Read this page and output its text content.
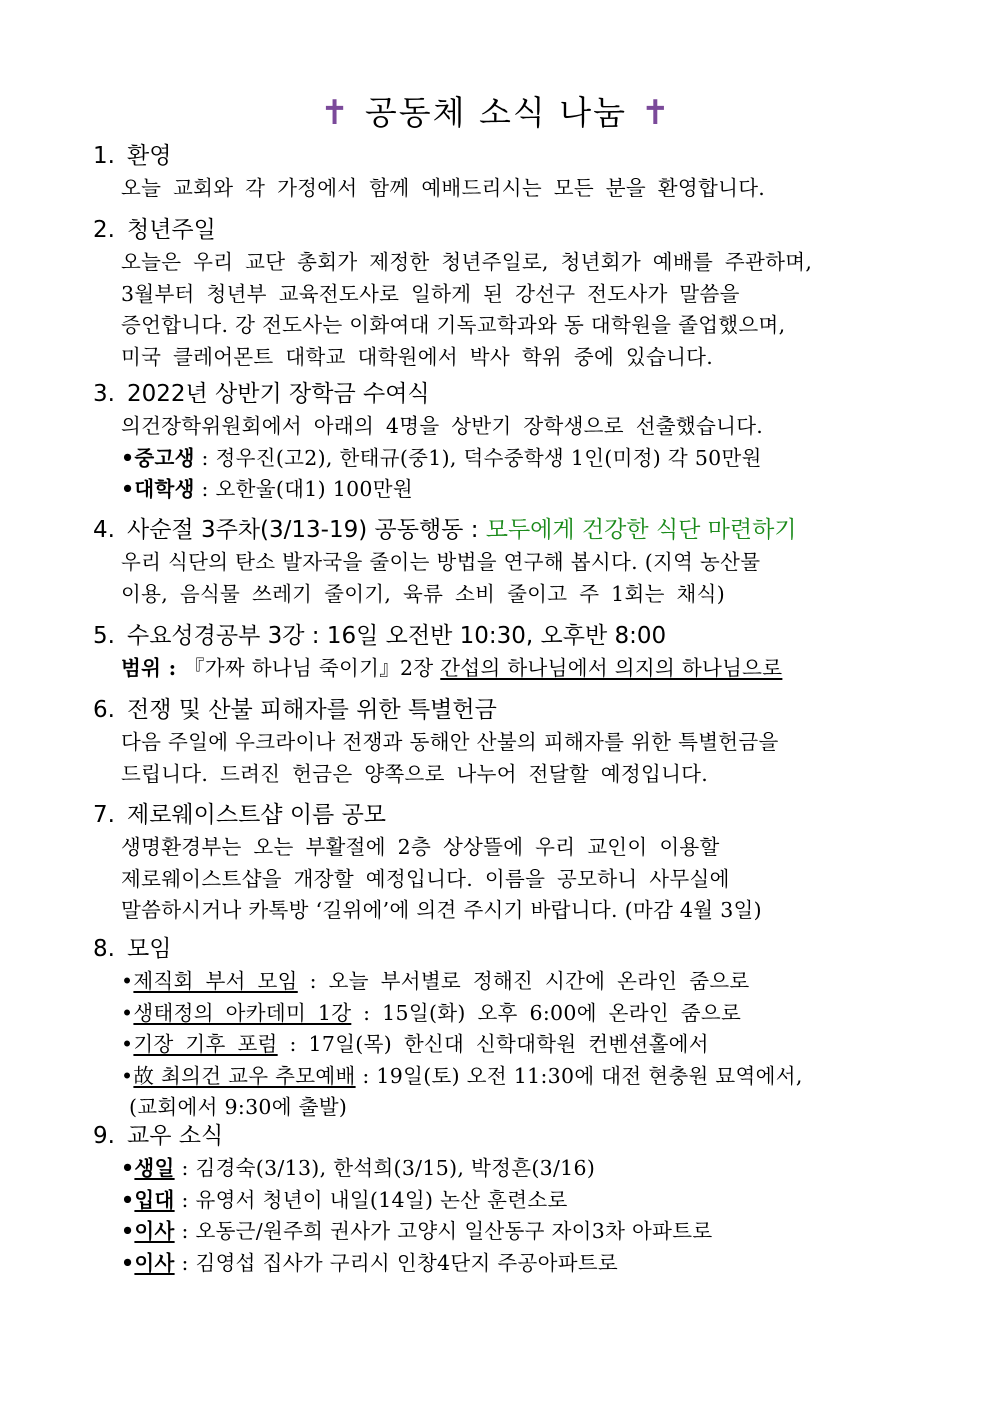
✝ 공동체 소식 나눔 ✝
1. 환영

오늘 교회와 각 가정에서 함께 예배드리시는 모든 분을 환영합니다.

2. 청년주일

오늘은 우리 교단 총회가 제정한 청년주일로, 청년회가 예배를 주관하며,

3월부터 청년부 교육전도사로 일하게 된 강선구 전도사가 말씀을

증언합니다. 강 전도사는 이화여대 기독교학과와 동 대학원을 졸업했으며,

미국 클레어몬트 대학교 대학원에서 박사 학위 중에 있습니다.

3. 2022년 상반기 장학금 수여식

의건장학위원회에서 아래의 4명을 상반기 장학생으로 선출했습니다.

•중고생 : 정우진(고2), 한태규(중1), 덕수중학생 1인(미정) 각 50만원

•대학생 : 오한울(대1) 100만원

4. 사순절 3주차(3/13-19) 공동행동 : 모두에게 건강한 식단 마련하기

우리 식단의 탄소 발자국을 줄이는 방법을 연구해 봅시다. (지역 농산물

이용, 음식물 쓰레기 줄이기, 육류 소비 줄이고 주 1회는 채식)

5. 수요성경공부 3강 : 16일 오전반 10:30, 오후반 8:00

범위 : 『가짜 하나님 죽이기』2장 간섭의 하나님에서 의지의 하나님으로

6. 전쟁 및 산불 피해자를 위한 특별헌금

다음 주일에 우크라이나 전쟁과 동해안 산불의 피해자를 위한 특별헌금을

드립니다. 드려진 헌금은 양쪽으로 나누어 전달할 예정입니다.

7. 제로웨이스트샵 이름 공모

생명환경부는 오는 부활절에 2층 상상뜰에 우리 교인이 이용할

제로웨이스트샵을 개장할 예정입니다. 이름을 공모하니 사무실에

말씀하시거나 카톡방 ‘길위에’에 의견 주시기 바랍니다. (마감 4월 3일)

8. 모임

•제직회 부서 모임 : 오늘 부서별로 정해진 시간에 온라인 줌으로

•생태정의 아카데미 1강 : 15일(화) 오후 6:00에 온라인 줌으로

•기장 기후 포럼 : 17일(목) 한신대 신학대학원 컨벤션홀에서

•故 최의건 교우 추모예배 : 19일(토) 오전 11:30에 대전 현충원 묘역에서,

(교회에서 9:30에 출발)

9. 교우 소식

•생일 : 김경숙(3/13), 한석희(3/15), 박정흔(3/16)

•입대 : 유영서 청년이 내일(14일) 논산 훈련소로

•이사 : 오동근/원주희 권사가 고양시 일산동구 자이3차 아파트로

•이사 : 김영섭 집사가 구리시 인창4단지 주공아파트로
